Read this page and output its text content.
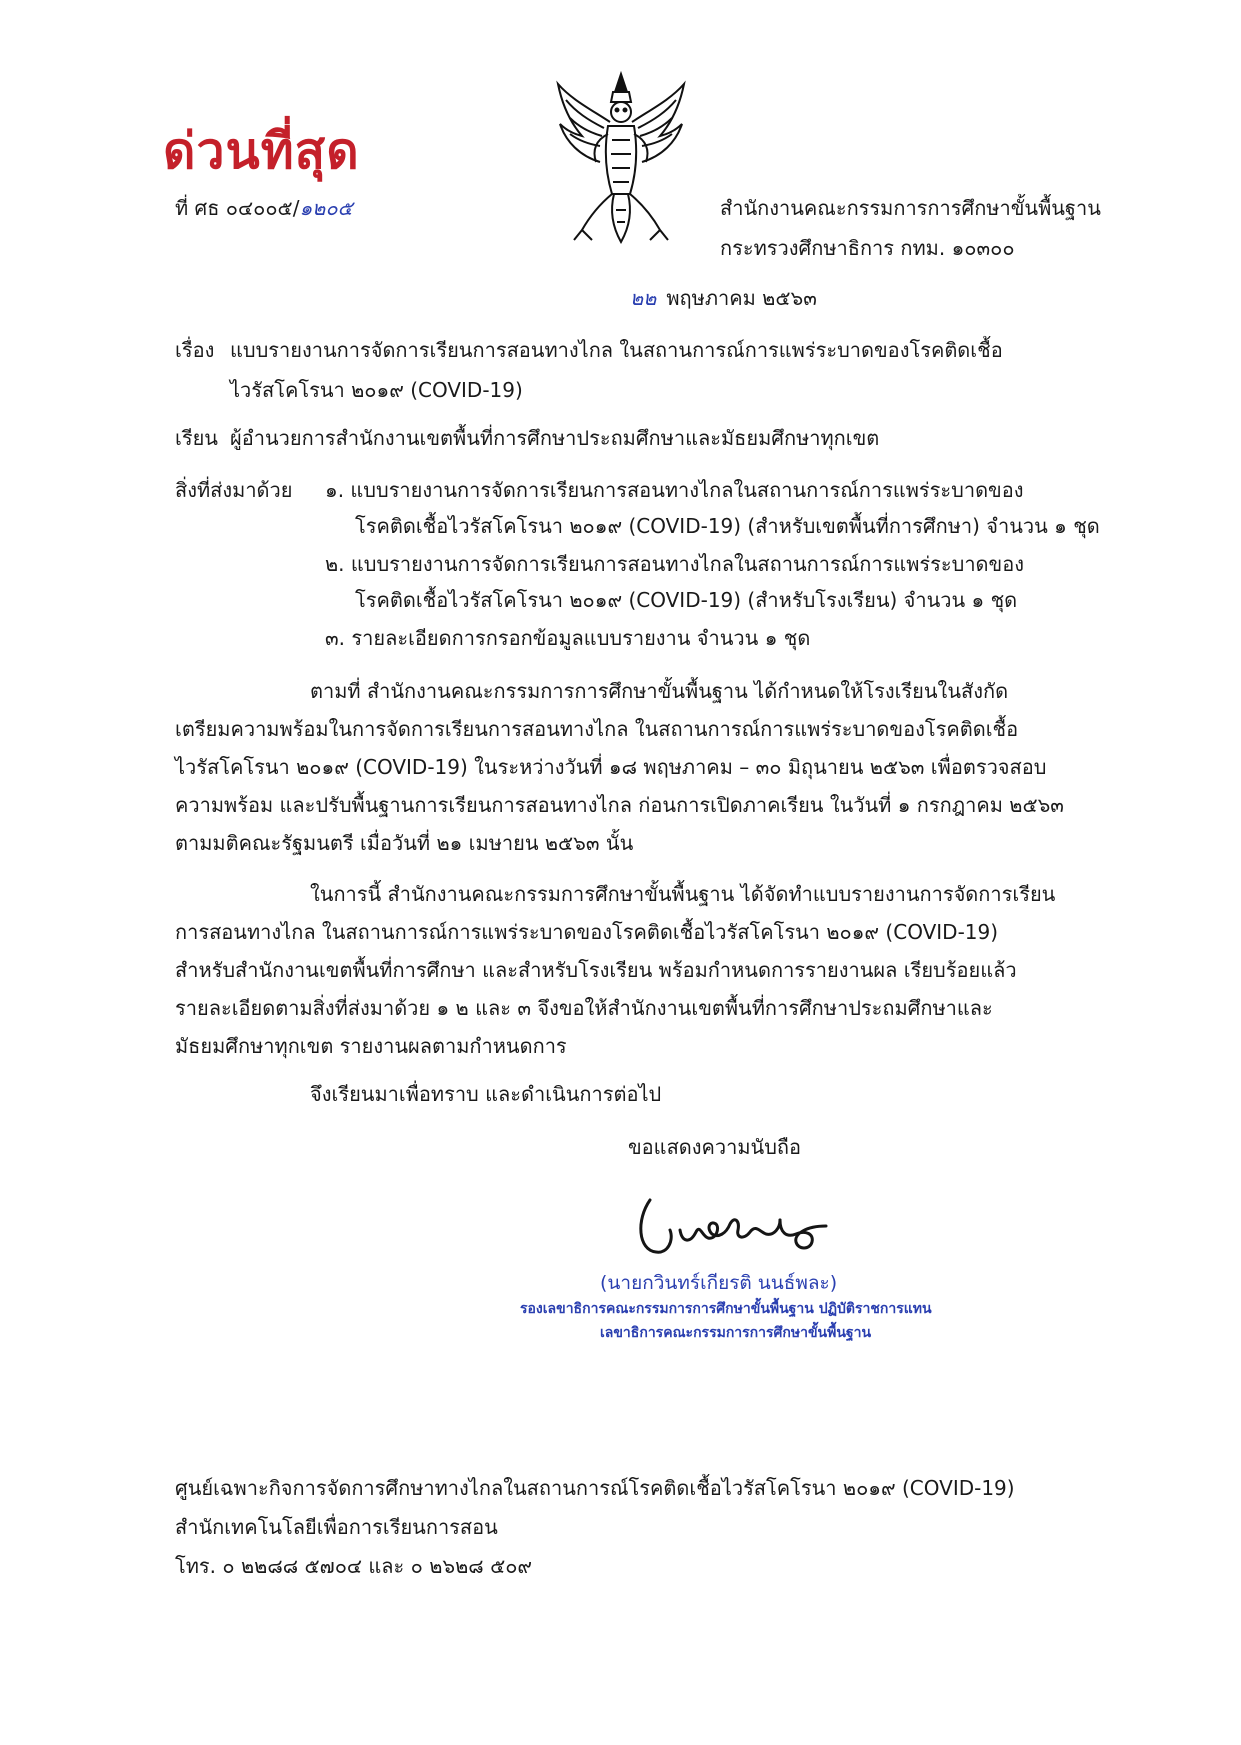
ด่วนที่สุด
ที่ ศธ ๐๔๐๐๕/๑๒๐๕	สำนักงานคณะกรรมการการศึกษาขั้นพื้นฐาน
กระทรวงศึกษาธิการ กทม. ๑๐๓๐๐
๒๒ พฤษภาคม ๒๕๖๓
เรื่อง แบบรายงานการจัดการเรียนการสอนทางไกล ในสถานการณ์การแพร่ระบาดของโรคติดเชื้อ
ไวรัสโคโรนา ๒๐๑๙ (COVID-19)
เรียน ผู้อำนวยการสำนักงานเขตพื้นที่การศึกษาประถมศึกษาและมัธยมศึกษาทุกเขต
สิ่งที่ส่งมาด้วย ๑. แบบรายงานการจัดการเรียนการสอนทางไกลในสถานการณ์การแพร่ระบาดของ
โรคติดเชื้อไวรัสโคโรนา ๒๐๑๙ (COVID-19) (สำหรับเขตพื้นที่การศึกษา) จำนวน ๑ ชุด
๒. แบบรายงานการจัดการเรียนการสอนทางไกลในสถานการณ์การแพร่ระบาดของ
โรคติดเชื้อไวรัสโคโรนา ๒๐๑๙ (COVID-19) (สำหรับโรงเรียน) จำนวน ๑ ชุด
๓. รายละเอียดการกรอกข้อมูลแบบรายงาน จำนวน ๑ ชุด
ตามที่ สำนักงานคณะกรรมการการศึกษาขั้นพื้นฐาน ได้กำหนดให้โรงเรียนในสังกัด
เตรียมความพร้อมในการจัดการเรียนการสอนทางไกล ในสถานการณ์การแพร่ระบาดของโรคติดเชื้อ
ไวรัสโคโรนา ๒๐๑๙ (COVID-19) ในระหว่างวันที่ ๑๘ พฤษภาคม – ๓๐ มิถุนายน ๒๕๖๓ เพื่อตรวจสอบ
ความพร้อม และปรับพื้นฐานการเรียนการสอนทางไกล ก่อนการเปิดภาคเรียน ในวันที่ ๑ กรกฎาคม ๒๕๖๓
ตามมติคณะรัฐมนตรี เมื่อวันที่ ๒๑ เมษายน ๒๕๖๓ นั้น
ในการนี้ สำนักงานคณะกรรมการศึกษาขั้นพื้นฐาน ได้จัดทำแบบรายงานการจัดการเรียน
การสอนทางไกล ในสถานการณ์การแพร่ระบาดของโรคติดเชื้อไวรัสโคโรนา ๒๐๑๙ (COVID-19)
สำหรับสำนักงานเขตพื้นที่การศึกษา และสำหรับโรงเรียน พร้อมกำหนดการรายงานผล เรียบร้อยแล้ว
รายละเอียดตามสิ่งที่ส่งมาด้วย ๑ ๒ และ ๓ จึงขอให้สำนักงานเขตพื้นที่การศึกษาประถมศึกษาและ
มัธยมศึกษาทุกเขต รายงานผลตามกำหนดการ
จึงเรียนมาเพื่อทราบ และดำเนินการต่อไป
ขอแสดงความนับถือ
(นายกวินทร์เกียรติ นนธ์พละ)
รองเลขาธิการคณะกรรมการการศึกษาขั้นพื้นฐาน ปฏิบัติราชการแทน
เลขาธิการคณะกรรมการการศึกษาขั้นพื้นฐาน
ศูนย์เฉพาะกิจการจัดการศึกษาทางไกลในสถานการณ์โรคติดเชื้อไวรัสโคโรนา ๒๐๑๙ (COVID-19)
สำนักเทคโนโลยีเพื่อการเรียนการสอน
โทร. ๐ ๒๒๘๘ ๕๗๐๔ และ ๐ ๒๖๒๘ ๕๐๙
